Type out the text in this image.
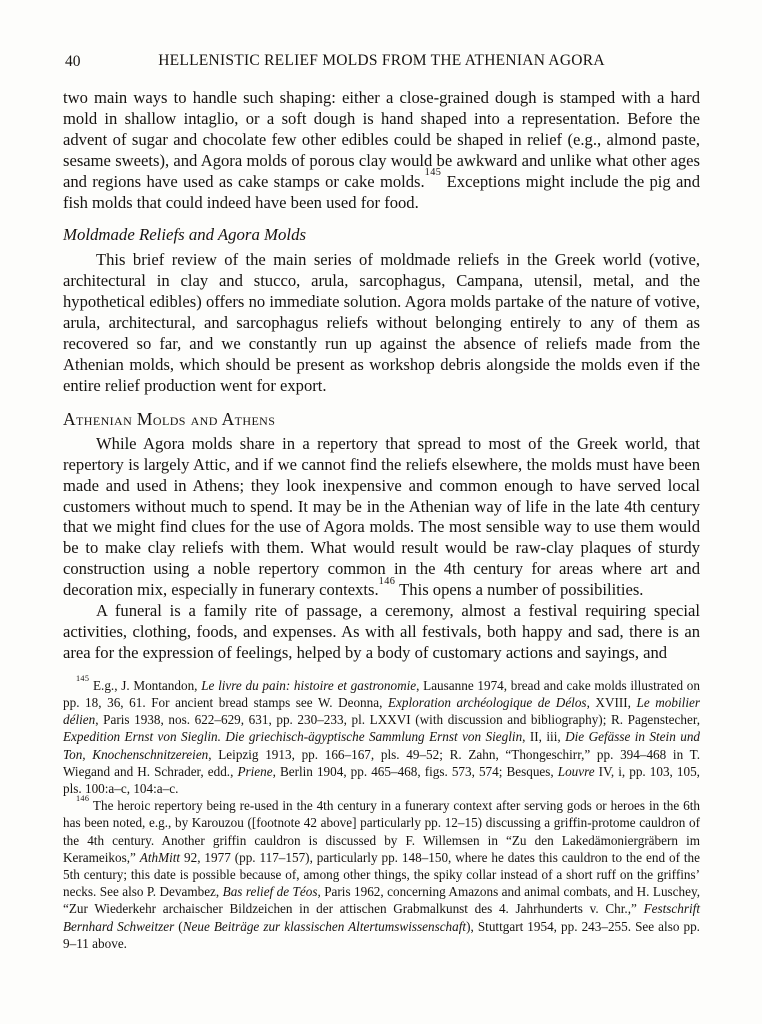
40	HELLENISTIC RELIEF MOLDS FROM THE ATHENIAN AGORA

two main ways to handle such shaping: either a close-grained dough is stamped with a hard mold in shallow intaglio, or a soft dough is hand shaped into a representation. Before the advent of sugar and chocolate few other edibles could be shaped in relief (e.g., almond paste, sesame sweets), and Agora molds of porous clay would be awkward and unlike what other ages and regions have used as cake stamps or cake molds.$^{145}$ Exceptions might include the pig and fish molds that could indeed have been used for food.

Moldmade Reliefs and Agora Molds

This brief review of the main series of moldmade reliefs in the Greek world (votive, architectural in clay and stucco, arula, sarcophagus, Campana, utensil, metal, and the hypothetical edibles) offers no immediate solution. Agora molds partake of the nature of votive, arula, architectural, and sarcophagus reliefs without belonging entirely to any of them as recovered so far, and we constantly run up against the absence of reliefs made from the Athenian molds, which should be present as workshop debris alongside the molds even if the entire relief production went for export.

Athenian Molds and Athens

While Agora molds share in a repertory that spread to most of the Greek world, that repertory is largely Attic, and if we cannot find the reliefs elsewhere, the molds must have been made and used in Athens; they look inexpensive and common enough to have served local customers without much to spend. It may be in the Athenian way of life in the late 4th century that we might find clues for the use of Agora molds. The most sensible way to use them would be to make clay reliefs with them. What would result would be raw-clay plaques of sturdy construction using a noble repertory common in the 4th century for areas where art and decoration mix, especially in funerary contexts.$^{146}$ This opens a number of possibilities.

A funeral is a family rite of passage, a ceremony, almost a festival requiring special activities, clothing, foods, and expenses. As with all festivals, both happy and sad, there is an area for the expression of feelings, helped by a body of customary actions and sayings, and

$^{145}$ E.g., J. Montandon, Le livre du pain: histoire et gastronomie, Lausanne 1974, bread and cake molds illustrated on pp. 18, 36, 61. For ancient bread stamps see W. Deonna, Exploration archéologique de Délos, XVIII, Le mobilier délien, Paris 1938, nos. 622–629, 631, pp. 230–233, pl. LXXVI (with discussion and bibliography); R. Pagenstecher, Expedition Ernst von Sieglin. Die griechisch-ägyptische Sammlung Ernst von Sieglin, II, iii, Die Gefässe in Stein und Ton, Knochenschnitzereien, Leipzig 1913, pp. 166–167, pls. 49–52; R. Zahn, “Thongeschirr,” pp. 394–468 in T. Wiegand and H. Schrader, edd., Priene, Berlin 1904, pp. 465–468, figs. 573, 574; Besques, Louvre IV, i, pp. 103, 105, pls. 100:a–c, 104:a–c.

$^{146}$ The heroic repertory being re-used in the 4th century in a funerary context after serving gods or heroes in the 6th has been noted, e.g., by Karouzou ([footnote 42 above] particularly pp. 12–15) discussing a griffin-protome cauldron of the 4th century. Another griffin cauldron is discussed by F. Willemsen in “Zu den Lakedämoniergräbern im Kerameikos,” AthMitt 92, 1977 (pp. 117–157), particularly pp. 148–150, where he dates this cauldron to the end of the 5th century; this date is possible because of, among other things, the spiky collar instead of a short ruff on the griffins’ necks. See also P. Devambez, Bas relief de Téos, Paris 1962, concerning Amazons and animal combats, and H. Luschey, “Zur Wiederkehr archaischer Bildzeichen in der attischen Grabmalkunst des 4. Jahrhunderts v. Chr.,” Festschrift Bernhard Schweitzer (Neue Beiträge zur klassischen Altertumswissenschaft), Stuttgart 1954, pp. 243–255. See also pp. 9–11 above.
